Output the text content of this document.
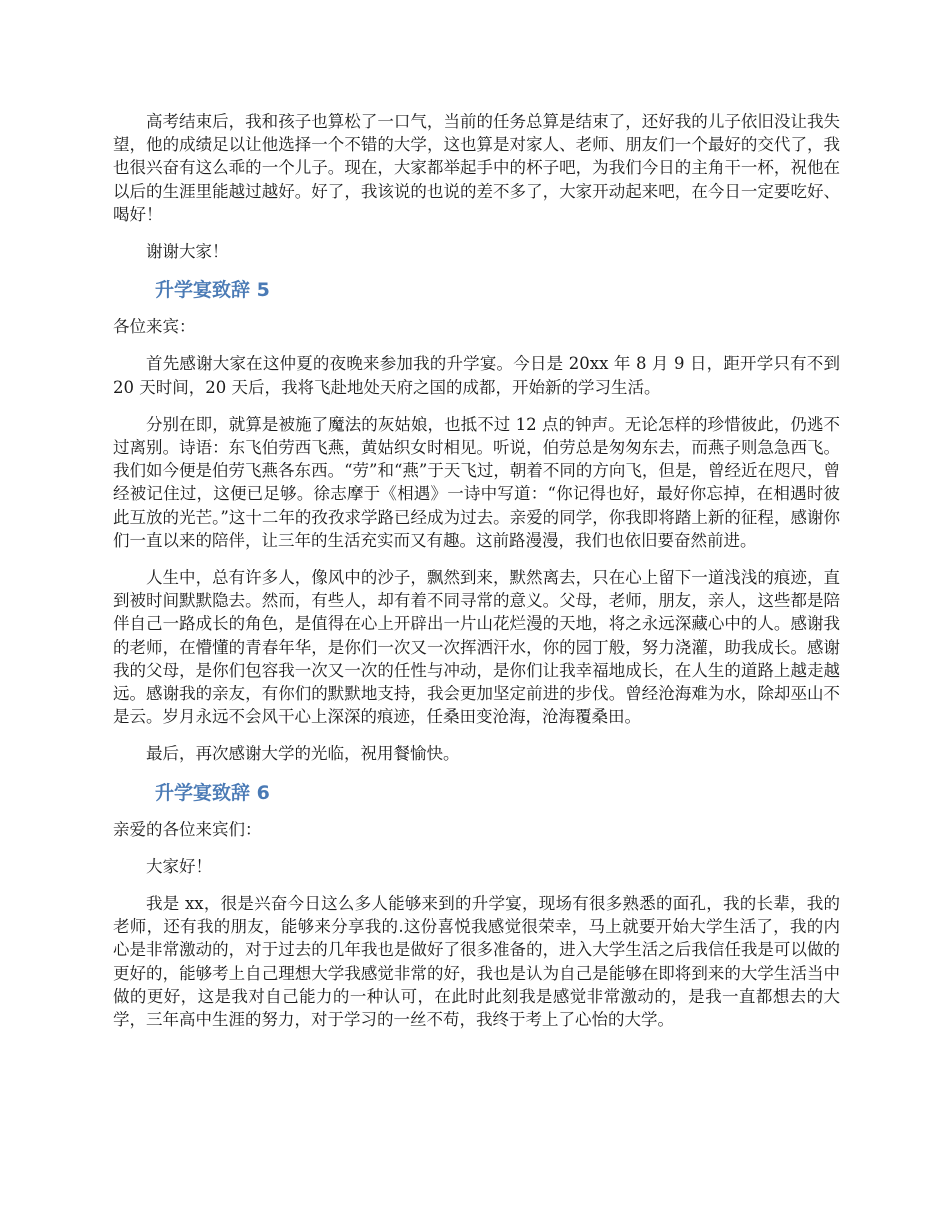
高考结束后，我和孩子也算松了一口气，当前的任务总算是结束了，还好我的儿子依旧没让我失望，他的成绩足以让他选择一个不错的大学，这也算是对家人、老师、朋友们一个最好的交代了，我也很兴奋有这么乖的一个儿子。现在，大家都举起手中的杯子吧，为我们今日的主角干一杯，祝他在以后的生涯里能越过越好。好了，我该说的也说的差不多了，大家开动起来吧，在今日一定要吃好、喝好！

谢谢大家！

升学宴致辞 5

各位来宾：

首先感谢大家在这仲夏的夜晚来参加我的升学宴。今日是 20xx 年 8 月 9 日，距开学只有不到 20 天时间，20 天后，我将飞赴地处天府之国的成都，开始新的学习生活。

分别在即，就算是被施了魔法的灰姑娘，也抵不过 12 点的钟声。无论怎样的珍惜彼此，仍逃不过离别。诗语：东飞伯劳西飞燕，黄姑织女时相见。听说，伯劳总是匆匆东去，而燕子则急急西飞。我们如今便是伯劳飞燕各东西。“劳”和“燕”于天飞过，朝着不同的方向飞，但是，曾经近在咫尺，曾经被记住过，这便已足够。徐志摩于《相遇》一诗中写道：“你记得也好，最好你忘掉，在相遇时彼此互放的光芒。”这十二年的孜孜求学路已经成为过去。亲爱的同学，你我即将踏上新的征程，感谢你们一直以来的陪伴，让三年的生活充实而又有趣。这前路漫漫，我们也依旧要奋然前进。

人生中，总有许多人，像风中的沙子，飘然到来，默然离去，只在心上留下一道浅浅的痕迹，直到被时间默默隐去。然而，有些人，却有着不同寻常的意义。父母，老师，朋友，亲人，这些都是陪伴自己一路成长的角色，是值得在心上开辟出一片山花烂漫的天地，将之永远深藏心中的人。感谢我的老师，在懵懂的青春年华，是你们一次又一次挥洒汗水，你的园丁般，努力浇灌，助我成长。感谢我的父母，是你们包容我一次又一次的任性与冲动，是你们让我幸福地成长，在人生的道路上越走越远。感谢我的亲友，有你们的默默地支持，我会更加坚定前进的步伐。曾经沧海难为水，除却巫山不是云。岁月永远不会风干心上深深的痕迹，任桑田变沧海，沧海覆桑田。

最后，再次感谢大学的光临，祝用餐愉快。

升学宴致辞 6

亲爱的各位来宾们：

大家好！

我是 xx，很是兴奋今日这么多人能够来到的升学宴，现场有很多熟悉的面孔，我的长辈，我的老师，还有我的朋友，能够来分享我的.这份喜悦我感觉很荣幸，马上就要开始大学生活了，我的内心是非常激动的，对于过去的几年我也是做好了很多准备的，进入大学生活之后我信任我是可以做的更好的，能够考上自己理想大学我感觉非常的好，我也是认为自己是能够在即将到来的大学生活当中做的更好，这是我对自己能力的一种认可，在此时此刻我是感觉非常激动的，是我一直都想去的大学，三年高中生涯的努力，对于学习的一丝不苟，我终于考上了心怡的大学。
